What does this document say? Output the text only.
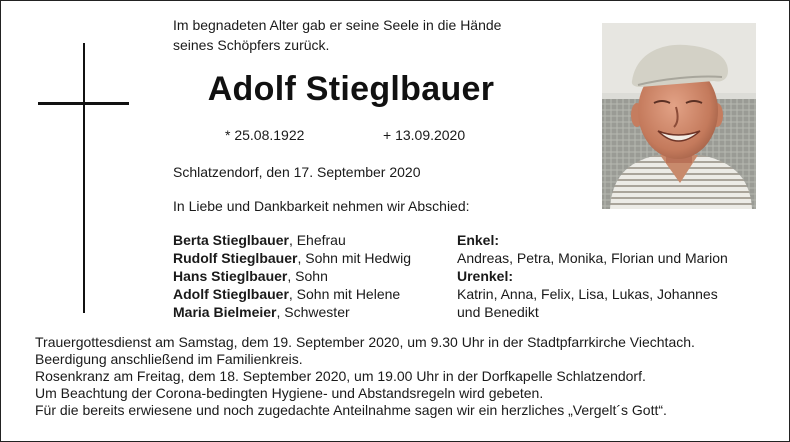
Im begnadeten Alter gab er seine Seele in die Hände
seines Schöpfers zurück.
Adolf Stieglbauer
* 25.08.1922	+ 13.09.2020
Schlatzendorf, den 17. September 2020
In Liebe und Dankbarkeit nehmen wir Abschied:
Berta Stieglbauer, Ehefrau
Rudolf Stieglbauer, Sohn mit Hedwig
Hans Stieglbauer, Sohn
Adolf Stieglbauer, Sohn mit Helene
Maria Bielmeier, Schwester
Enkel:
Andreas, Petra, Monika, Florian und Marion
Urenkel:
Katrin, Anna, Felix, Lisa, Lukas, Johannes
und Benedikt
Trauergottesdienst am Samstag, dem 19. September 2020, um 9.30 Uhr in der Stadtpfarrkirche Viechtach.
Beerdigung anschließend im Familienkreis.
Rosenkranz am Freitag, dem 18. September 2020, um 19.00 Uhr in der Dorfkapelle Schlatzendorf.
Um Beachtung der Corona-bedingten Hygiene- und Abstandsregeln wird gebeten.
Für die bereits erwiesene und noch zugedachte Anteilnahme sagen wir ein herzliches „Vergelt´s Gott“.
